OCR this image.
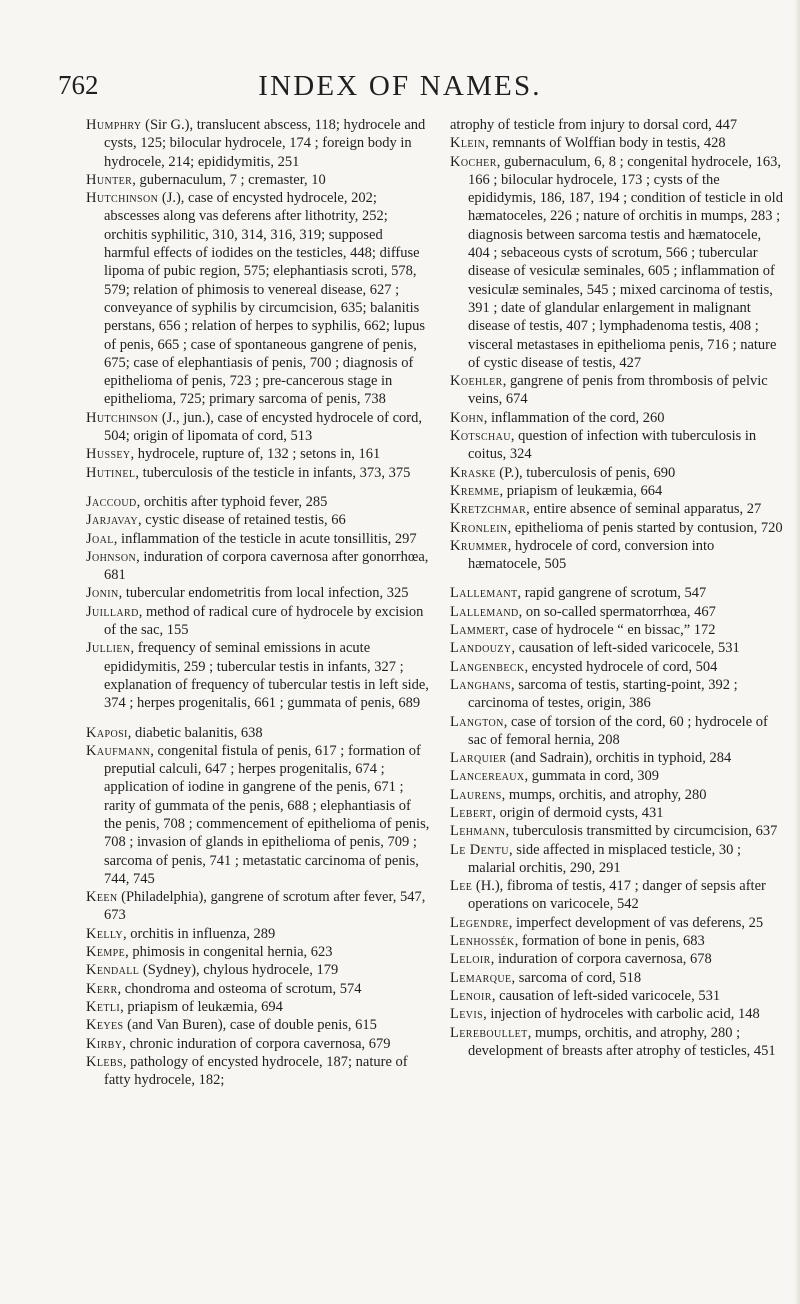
762	INDEX OF NAMES.

Humphry (Sir G.), translucent abscess, 118; hydrocele and cysts, 125; bilocular hydrocele, 174 ; foreign body in hydrocele, 214; epididymitis, 251

Hunter, gubernaculum, 7 ; cremaster, 10

Hutchinson (J.), case of encysted hydrocele, 202; abscesses along vas deferens after lithotrity, 252; orchitis syphilitic, 310, 314, 316, 319; supposed harmful effects of iodides on the testicles, 448; diffuse lipoma of pubic region, 575; elephantiasis scroti, 578, 579; relation of phimosis to venereal disease, 627 ; conveyance of syphilis by circumcision, 635; balanitis perstans, 656 ; relation of herpes to syphilis, 662; lupus of penis, 665 ; case of spontaneous gangrene of penis, 675; case of elephantiasis of penis, 700 ; diagnosis of epithelioma of penis, 723 ; pre-cancerous stage in epithelioma, 725; primary sarcoma of penis, 738

Hutchinson (J., jun.), case of encysted hydrocele of cord, 504; origin of lipomata of cord, 513

Hussey, hydrocele, rupture of, 132 ; setons in, 161

Hutinel, tuberculosis of the testicle in infants, 373, 375

Jaccoud, orchitis after typhoid fever, 285

Jarjavay, cystic disease of retained testis, 66

Joal, inflammation of the testicle in acute tonsillitis, 297

Johnson, induration of corpora cavernosa after gonorrhœa, 681

Jonin, tubercular endometritis from local infection, 325

Juillard, method of radical cure of hydrocele by excision of the sac, 155

Jullien, frequency of seminal emissions in acute epididymitis, 259 ; tubercular testis in infants, 327 ; explanation of frequency of tubercular testis in left side, 374 ; herpes progenitalis, 661 ; gummata of penis, 689

Kaposi, diabetic balanitis, 638

Kaufmann, congenital fistula of penis, 617 ; formation of preputial calculi, 647 ; herpes progenitalis, 674 ; application of iodine in gangrene of the penis, 671 ; rarity of gummata of the penis, 688 ; elephantiasis of the penis, 708 ; commencement of epithelioma of penis, 708 ; invasion of glands in epithelioma of penis, 709 ; sarcoma of penis, 741 ; metastatic carcinoma of penis, 744, 745

Keen (Philadelphia), gangrene of scrotum after fever, 547, 673

Kelly, orchitis in influenza, 289

Kempe, phimosis in congenital hernia, 623

Kendall (Sydney), chylous hydrocele, 179

Kerr, chondroma and osteoma of scrotum, 574

Ketli, priapism of leukæmia, 694

Keyes (and Van Buren), case of double penis, 615

Kirby, chronic induration of corpora cavernosa, 679

Klebs, pathology of encysted hydrocele, 187; nature of fatty hydrocele, 182;

atrophy of testicle from injury to dorsal cord, 447

Klein, remnants of Wolffian body in testis, 428

Kocher, gubernaculum, 6, 8 ; congenital hydrocele, 163, 166 ; bilocular hydrocele, 173 ; cysts of the epididymis, 186, 187, 194 ; condition of testicle in old hæmatoceles, 226 ; nature of orchitis in mumps, 283 ; diagnosis between sarcoma testis and hæmatocele, 404 ; sebaceous cysts of scrotum, 566 ; tubercular disease of vesiculæ seminales, 605 ; inflammation of vesiculæ seminales, 545 ; mixed carcinoma of testis, 391 ; date of glandular enlargement in malignant disease of testis, 407 ; lymphadenoma testis, 408 ; visceral metastases in epithelioma penis, 716 ; nature of cystic disease of testis, 427

Koehler, gangrene of penis from thrombosis of pelvic veins, 674

Kohn, inflammation of the cord, 260

Kotschau, question of infection with tuberculosis in coitus, 324

Kraske (P.), tuberculosis of penis, 690

Kremme, priapism of leukæmia, 664

Kretzchmar, entire absence of seminal apparatus, 27

Kronlein, epithelioma of penis started by contusion, 720

Krummer, hydrocele of cord, conversion into hæmatocele, 505

Lallemant, rapid gangrene of scrotum, 547

Lallemand, on so-called spermatorrhœa, 467

Lammert, case of hydrocele “ en bissac,” 172

Landouzy, causation of left-sided varicocele, 531

Langenbeck, encysted hydrocele of cord, 504

Langhans, sarcoma of testis, starting-point, 392 ; carcinoma of testes, origin, 386

Langton, case of torsion of the cord, 60 ; hydrocele of sac of femoral hernia, 208

Larquier (and Sadrain), orchitis in typhoid, 284

Lancereaux, gummata in cord, 309

Laurens, mumps, orchitis, and atrophy, 280

Lebert, origin of dermoid cysts, 431

Lehmann, tuberculosis transmitted by circumcision, 637

Le Dentu, side affected in misplaced testicle, 30 ; malarial orchitis, 290, 291

Lee (H.), fibroma of testis, 417 ; danger of sepsis after operations on varicocele, 542

Legendre, imperfect development of vas deferens, 25

Lenhossék, formation of bone in penis, 683

Leloir, induration of corpora cavernosa, 678

Lemarque, sarcoma of cord, 518

Lenoir, causation of left-sided varicocele, 531

Levis, injection of hydroceles with carbolic acid, 148

Lereboullet, mumps, orchitis, and atrophy, 280 ; development of breasts after atrophy of testicles, 451
